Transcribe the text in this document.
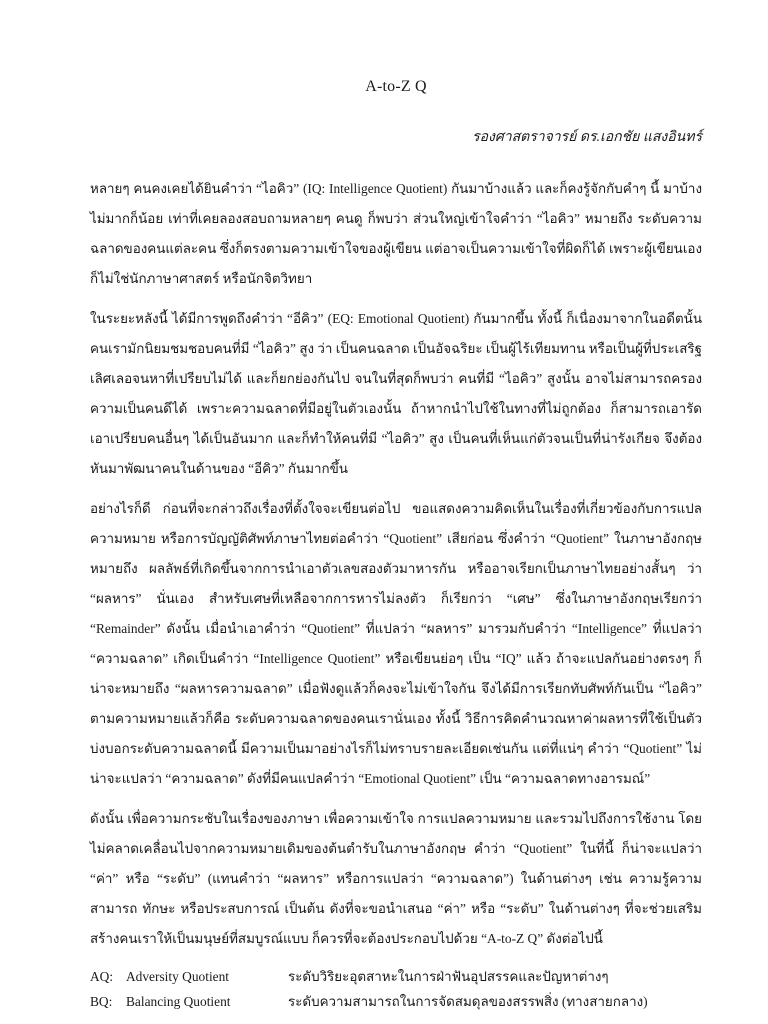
A-to-Z Q
รองศาสตราจารย์ ดร.เอกชัย แสงอินทร์

หลายๆ คนคงเคยได้ยินคำว่า “ไอคิว” (IQ: Intelligence Quotient) กันมาบ้างแล้ว และก็คงรู้จักกับคำๆ นี้ มาบ้างไม่มากก็น้อย เท่าที่เคยลองสอบถามหลายๆ คนดู ก็พบว่า ส่วนใหญ่เข้าใจคำว่า “ไอคิว” หมายถึง ระดับความฉลาดของคนแต่ละคน ซึ่งก็ตรงตามความเข้าใจของผู้เขียน แต่อาจเป็นความเข้าใจที่ผิดก็ได้ เพราะผู้เขียนเองก็ไม่ใช่นักภาษาศาสตร์ หรือนักจิตวิทยา

ในระยะหลังนี้ ได้มีการพูดถึงคำว่า “อีคิว” (EQ: Emotional Quotient) กันมากขึ้น ทั้งนี้ ก็เนื่องมาจากในอดีตนั้น คนเรามักนิยมชมชอบคนที่มี “ไอคิว” สูง ว่า เป็นคนฉลาด เป็นอัจฉริยะ เป็นผู้ไร้เทียมทาน หรือเป็นผู้ที่ประเสริฐเลิศเลอจนหาที่เปรียบไม่ได้ และก็ยกย่องกันไป จนในที่สุดก็พบว่า คนที่มี “ไอคิว” สูงนั้น อาจไม่สามารถครองความเป็นคนดีได้ เพราะความฉลาดที่มีอยู่ในตัวเองนั้น ถ้าหากนำไปใช้ในทางที่ไม่ถูกต้อง ก็สามารถเอารัดเอาเปรียบคนอื่นๆ ได้เป็นอันมาก และก็ทำให้คนที่มี “ไอคิว” สูง เป็นคนที่เห็นแก่ตัวจนเป็นที่น่ารังเกียจ จึงต้องหันมาพัฒนาคนในด้านของ “อีคิว” กันมากขึ้น

อย่างไรก็ดี ก่อนที่จะกล่าวถึงเรื่องที่ตั้งใจจะเขียนต่อไป ขอแสดงความคิดเห็นในเรื่องที่เกี่ยวข้องกับการแปลความหมาย หรือการบัญญัติศัพท์ภาษาไทยต่อคำว่า “Quotient” เสียก่อน ซึ่งคำว่า “Quotient” ในภาษาอังกฤษหมายถึง ผลลัพธ์ที่เกิดขึ้นจากการนำเอาตัวเลขสองตัวมาหารกัน หรืออาจเรียกเป็นภาษาไทยอย่างสั้นๆ ว่า “ผลหาร” นั่นเอง สำหรับเศษที่เหลือจากการหารไม่ลงตัว ก็เรียกว่า “เศษ” ซึ่งในภาษาอังกฤษเรียกว่า “Remainder” ดังนั้น เมื่อนำเอาคำว่า “Quotient” ที่แปลว่า “ผลหาร” มารวมกับคำว่า “Intelligence” ที่แปลว่า “ความฉลาด” เกิดเป็นคำว่า “Intelligence Quotient” หรือเขียนย่อๆ เป็น “IQ” แล้ว ถ้าจะแปลกันอย่างตรงๆ ก็น่าจะหมายถึง “ผลหารความฉลาด” เมื่อฟังดูแล้วก็คงจะไม่เข้าใจกัน จึงได้มีการเรียกทับศัพท์กันเป็น “ไอคิว” ตามความหมายแล้วก็คือ ระดับความฉลาดของคนเรานั่นเอง ทั้งนี้ วิธีการคิดคำนวณหาค่าผลหารที่ใช้เป็นตัวบ่งบอกระดับความฉลาดนี้ มีความเป็นมาอย่างไรก็ไม่ทราบรายละเอียดเช่นกัน แต่ที่แน่ๆ คำว่า “Quotient” ไม่น่าจะแปลว่า “ความฉลาด” ดังที่มีคนแปลคำว่า “Emotional Quotient” เป็น “ความฉลาดทางอารมณ์”

ดังนั้น เพื่อความกระชับในเรื่องของภาษา เพื่อความเข้าใจ การแปลความหมาย และรวมไปถึงการใช้งาน โดยไม่คลาดเคลื่อนไปจากความหมายเดิมของต้นตำรับในภาษาอังกฤษ คำว่า “Quotient” ในที่นี้ ก็น่าจะแปลว่า “ค่า” หรือ “ระดับ” (แทนคำว่า “ผลหาร” หรือการแปลว่า “ความฉลาด”) ในด้านต่างๆ เช่น ความรู้ความสามารถ ทักษะ หรือประสบการณ์ เป็นต้น ดังที่จะขอนำเสนอ “ค่า” หรือ “ระดับ” ในด้านต่างๆ ที่จะช่วยเสริมสร้างคนเราให้เป็นมนุษย์ที่สมบูรณ์แบบ ก็ควรที่จะต้องประกอบไปด้วย “A-to-Z Q” ดังต่อไปนี้

AQ: Adversity Quotient	ระดับวิริยะอุตสาหะในการฝ่าฟันอุปสรรคและปัญหาต่างๆ
BQ:	Balancing Quotient	ระดับความสามารถในการจัดสมดุลของสรรพสิ่ง (ทางสายกลาง)
